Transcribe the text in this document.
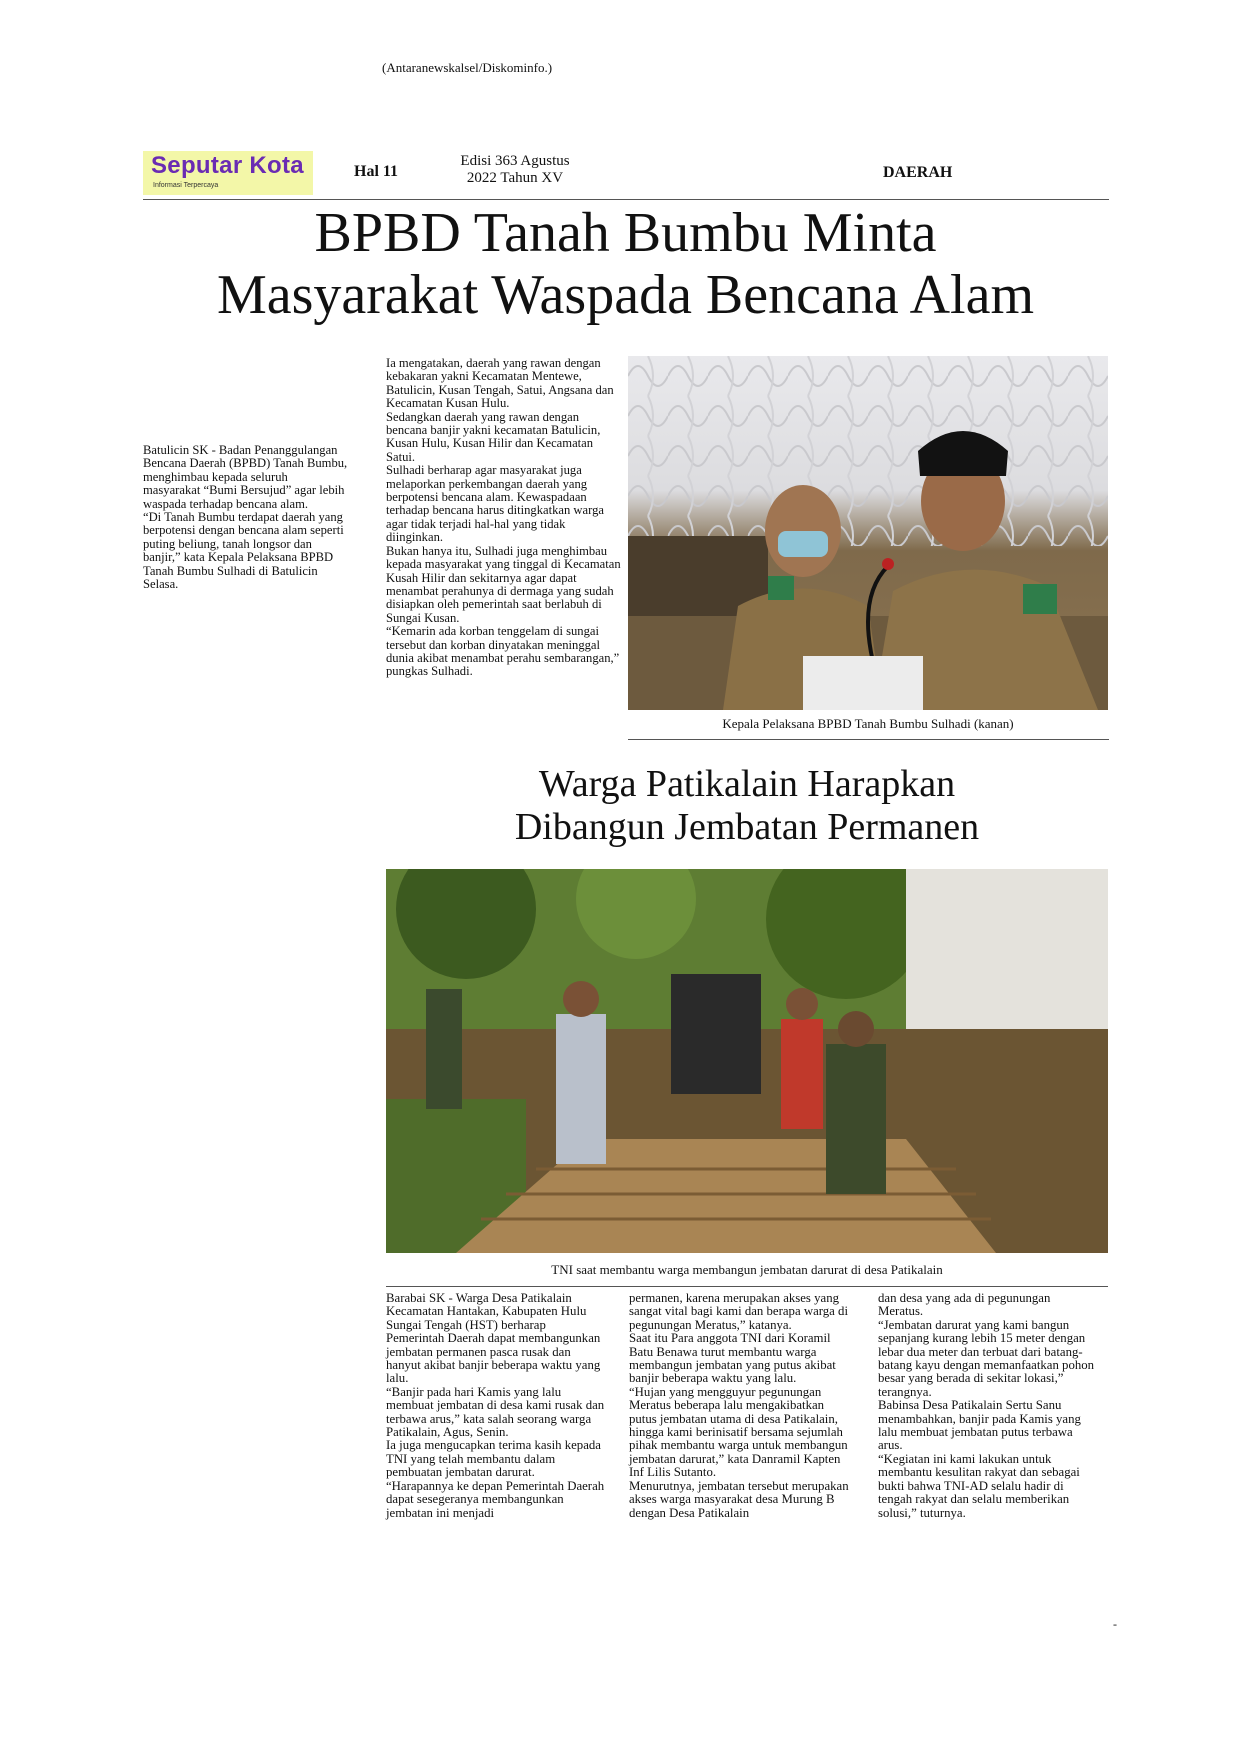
(Antaranewskalsel/Diskominfo.)
Seputar Kota
Informasi Terpercaya
Hal 11
Edisi 363 Agustus
2022 Tahun XV	DAERAH
BPBD Tanah Bumbu Minta
Masyarakat Waspada Bencana Alam

Batulicin SK - Badan Penanggulangan Bencana Daerah (BPBD) Tanah Bumbu, menghimbau kepada seluruh masyarakat “Bumi Bersujud” agar lebih waspada terhadap bencana alam.

“Di Tanah Bumbu terdapat daerah yang berpotensi dengan bencana alam seperti puting beliung, tanah longsor dan banjir,” kata Kepala Pelaksana BPBD Tanah Bumbu Sulhadi di Batulicin Selasa.

Ia mengatakan, daerah yang rawan dengan kebakaran yakni Kecamatan Mentewe, Batulicin, Kusan Tengah, Satui, Angsana dan Kecamatan Kusan Hulu.

Sedangkan daerah yang rawan dengan bencana banjir yakni kecamatan Batulicin, Kusan Hulu, Kusan Hilir dan Kecamatan Satui.

Sulhadi berharap agar masyarakat juga melaporkan perkembangan daerah yang berpotensi bencana alam. Kewaspadaan terhadap bencana harus ditingkatkan warga agar tidak terjadi hal-hal yang tidak diinginkan.

Bukan hanya itu, Sulhadi juga menghimbau kepada masyarakat yang tinggal di Kecamatan Kusah Hilir dan sekitarnya agar dapat menambat perahunya di dermaga yang sudah disiapkan oleh pemerintah saat berlabuh di Sungai Kusan.

“Kemarin ada korban tenggelam di sungai tersebut dan korban dinyatakan meninggal dunia akibat menambat perahu sembarangan,” pungkas Sulhadi.

Kepala Pelaksana BPBD Tanah Bumbu Sulhadi (kanan)
Warga Patikalain Harapkan
Dibangun Jembatan Permanen
TNI saat membantu warga membangun jembatan darurat di desa Patikalain

Barabai SK - Warga Desa Patikalain Kecamatan Hantakan, Kabupaten Hulu Sungai Tengah (HST) berharap Pemerintah Daerah dapat membangunkan jembatan permanen pasca rusak dan hanyut akibat banjir beberapa waktu yang lalu.

“Banjir pada hari Kamis yang lalu membuat jembatan di desa kami rusak dan terbawa arus,” kata salah seorang warga Patikalain, Agus, Senin.

Ia juga mengucapkan terima kasih kepada TNI yang telah membantu dalam pembuatan jembatan darurat.

“Harapannya ke depan Pemerintah Daerah dapat sesegeranya membangunkan jembatan ini menjadi

permanen, karena merupakan akses yang sangat vital bagi kami dan berapa warga di pegunungan Meratus,” katanya.

Saat itu Para anggota TNI dari Koramil Batu Benawa turut membantu warga membangun jembatan yang putus akibat banjir beberapa waktu yang lalu.

“Hujan yang mengguyur pegunungan Meratus beberapa lalu mengakibatkan putus jembatan utama di desa Patikalain, hingga kami berinisatif bersama sejumlah pihak membantu warga untuk membangun jembatan darurat,” kata Danramil Kapten Inf Lilis Sutanto.

Menurutnya, jembatan tersebut merupakan akses warga masyarakat desa Murung B dengan Desa Patikalain

dan desa yang ada di pegunungan Meratus.

“Jembatan darurat yang kami bangun sepanjang kurang lebih 15 meter dengan lebar dua meter dan terbuat dari batang-batang kayu dengan memanfaatkan pohon besar yang berada di sekitar lokasi,” terangnya.

Babinsa Desa Patikalain Sertu Sanu menambahkan, banjir pada Kamis yang lalu membuat jembatan putus terbawa arus.

“Kegiatan ini kami lakukan untuk membantu kesulitan rakyat dan sebagai bukti bahwa TNI-AD selalu hadir di tengah rakyat dan selalu memberikan solusi,” tuturnya.

-
